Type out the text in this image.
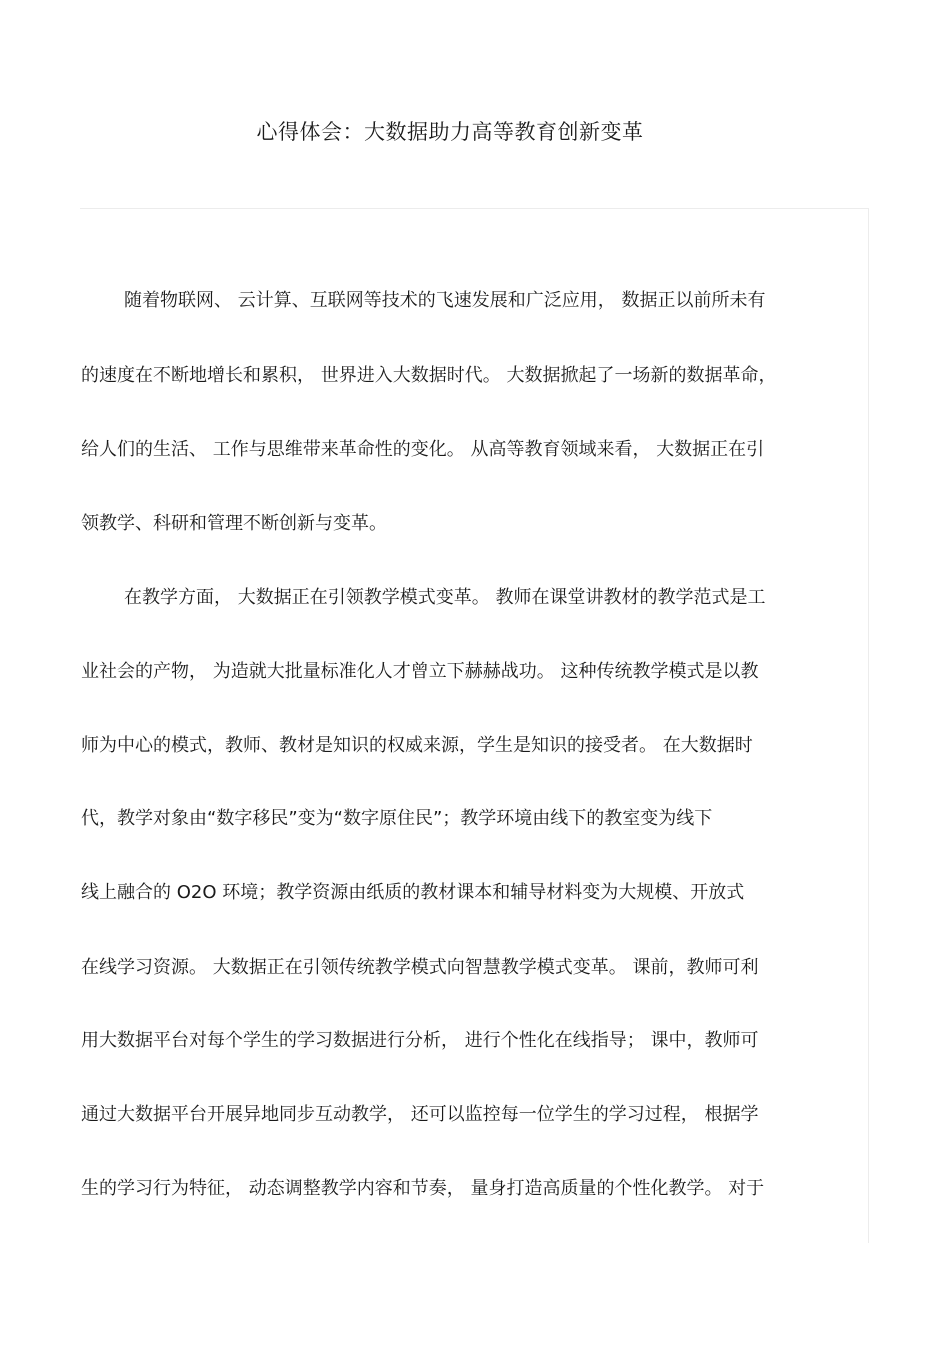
心得体会：大数据助力高等教育创新变革
随着物联网、 云计算、互联网等技术的飞速发展和广泛应用， 数据正以前所未有
的速度在不断地增长和累积， 世界进入大数据时代。 大数据掀起了一场新的数据革命，
给人们的生活、 工作与思维带来革命性的变化。 从高等教育领域来看， 大数据正在引
领教学、科研和管理不断创新与变革。
在教学方面， 大数据正在引领教学模式变革。 教师在课堂讲教材的教学范式是工
业社会的产物， 为造就大批量标准化人才曾立下赫赫战功。 这种传统教学模式是以教
师为中心的模式，教师、教材是知识的权威来源，学生是知识的接受者。 在大数据时
代，教学对象由“数字移民”变为“数字原住民”；教学环境由线下的教室变为线下
线上融合的 O2O 环境；教学资源由纸质的教材课本和辅导材料变为大规模、开放式
在线学习资源。 大数据正在引领传统教学模式向智慧教学模式变革。 课前，教师可利
用大数据平台对每个学生的学习数据进行分析， 进行个性化在线指导； 课中，教师可
通过大数据平台开展异地同步互动教学， 还可以监控每一位学生的学习过程， 根据学
生的学习行为特征， 动态调整教学内容和节奏， 量身打造高质量的个性化教学。 对于
